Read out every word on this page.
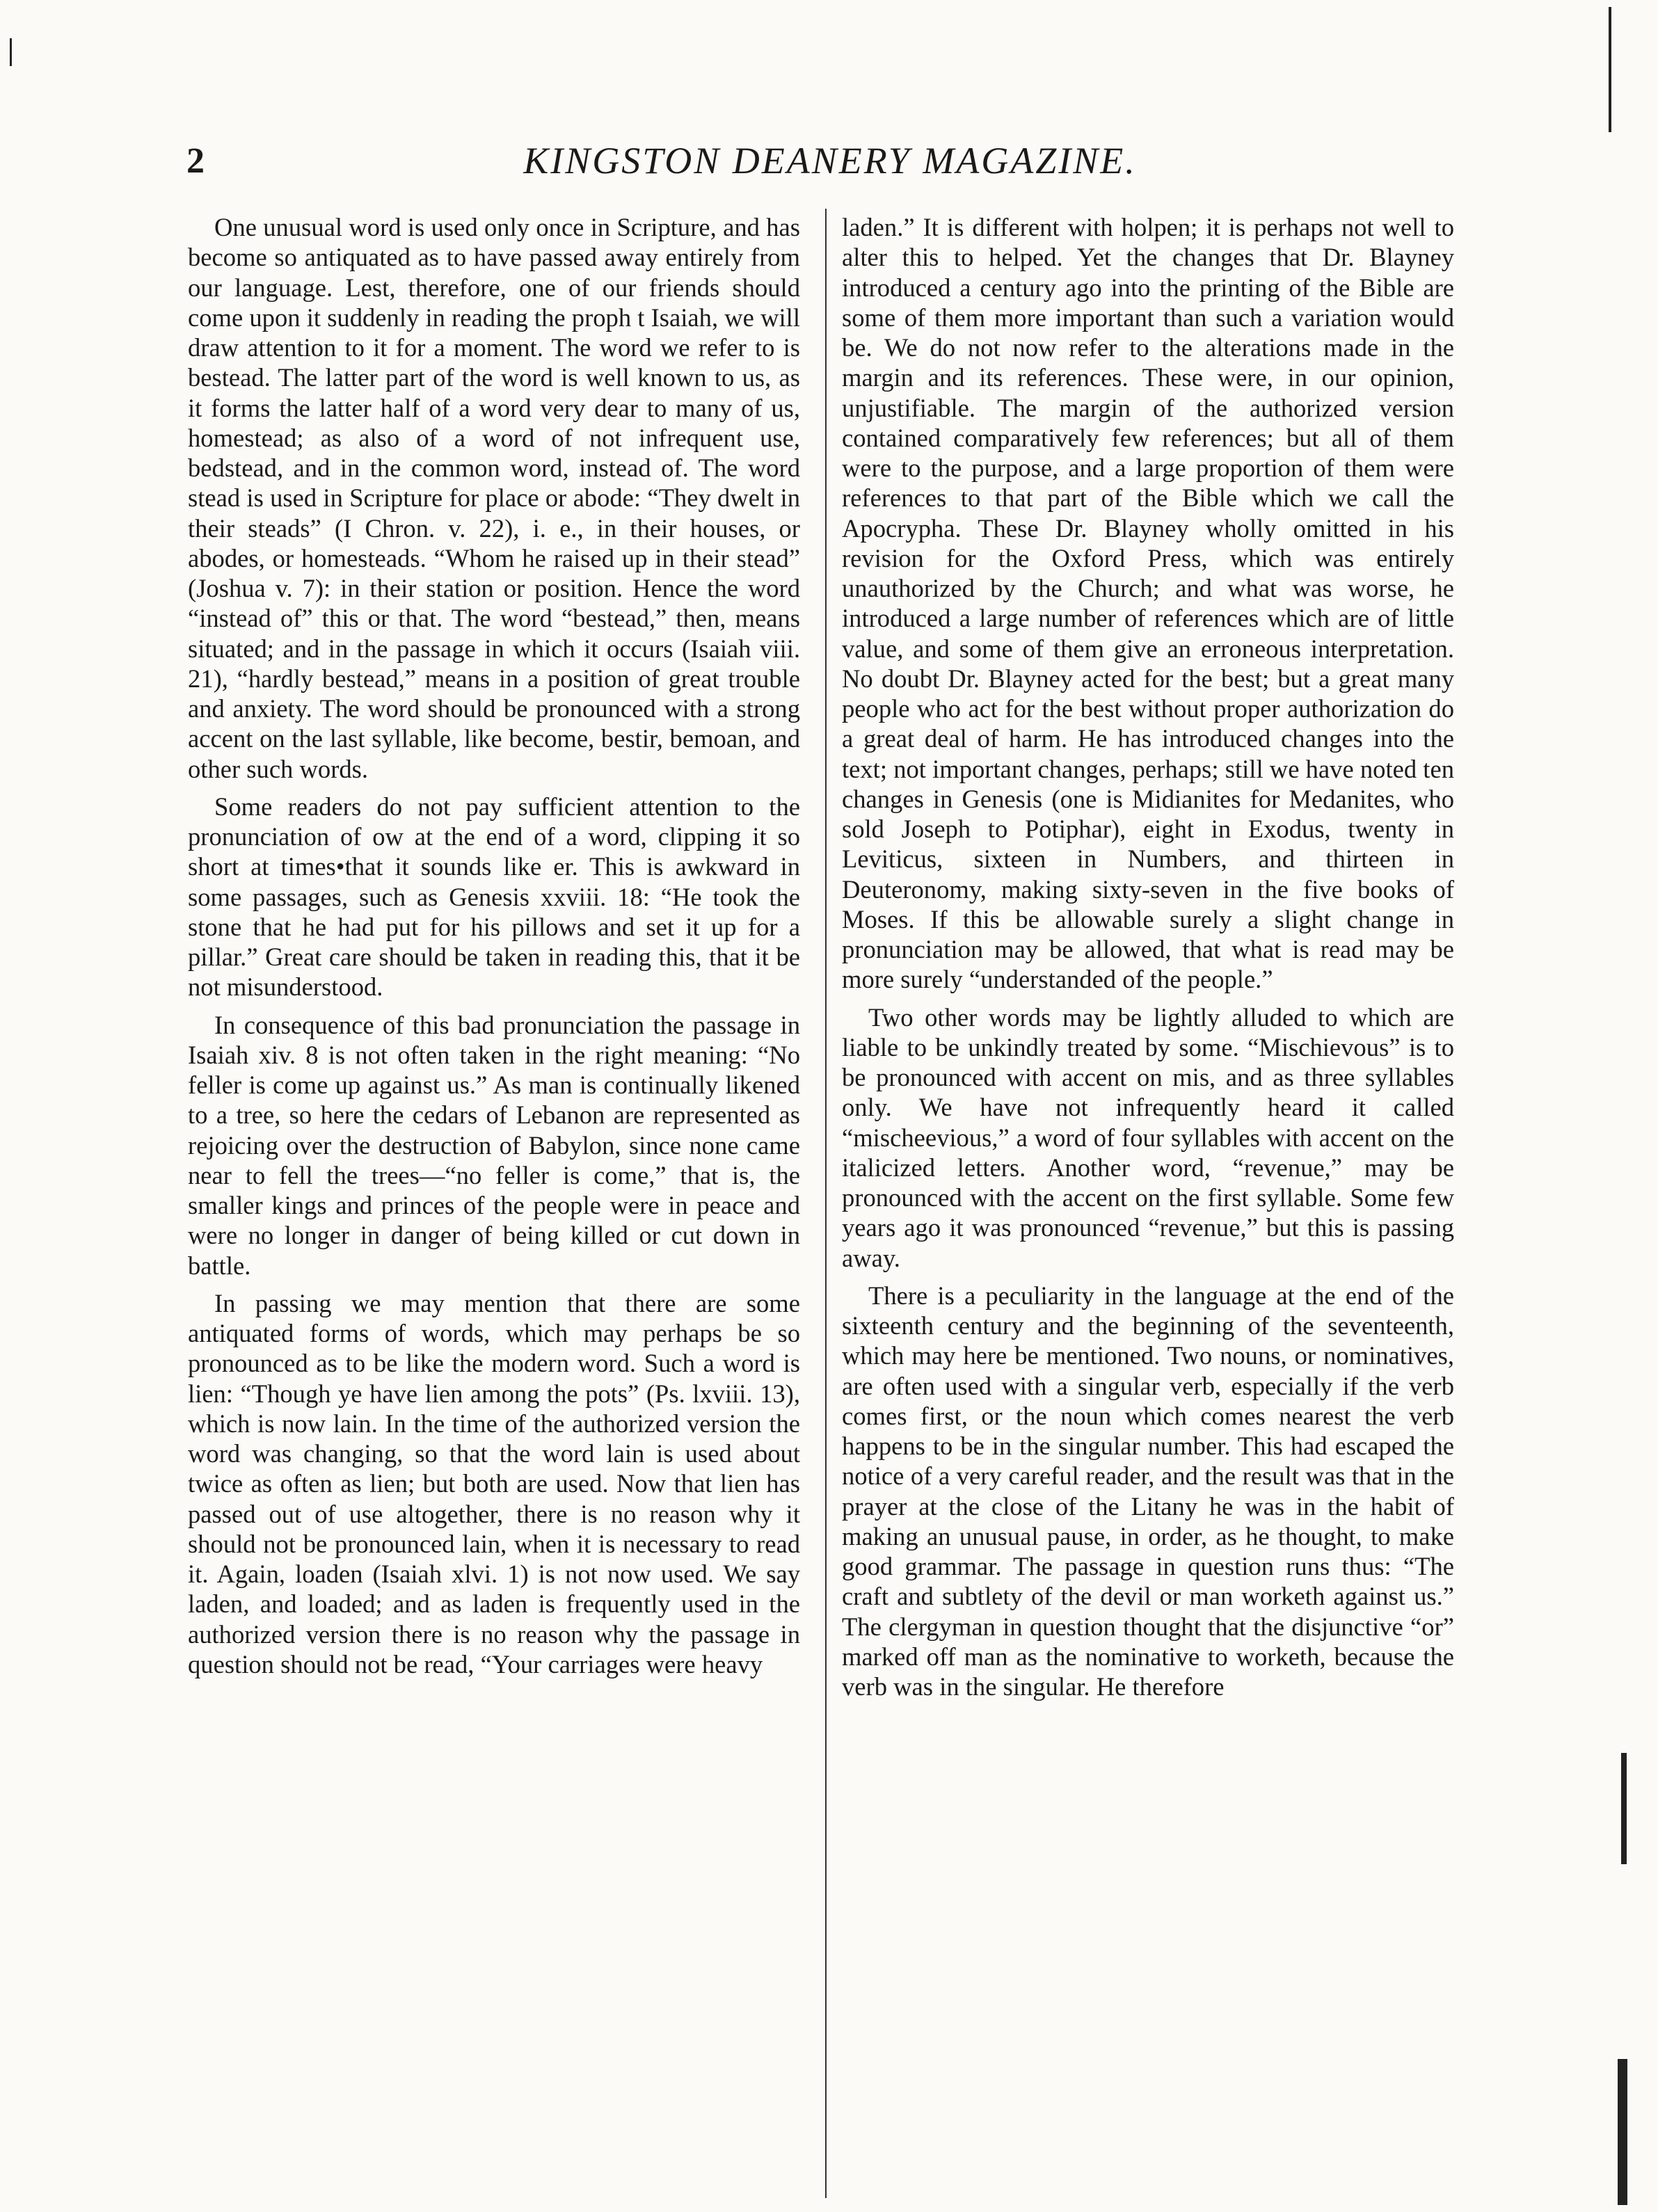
2	KINGSTON DEANERY MAGAZINE.

One unusual word is used only once in Scripture, and has become so antiquated as to have passed away entirely from our language. Lest, therefore, one of our friends should come upon it suddenly in reading the proph t Isaiah, we will draw attention to it for a moment. The word we refer to is bestead. The latter part of the word is well known to us, as it forms the latter half of a word very dear to many of us, homestead; as also of a word of not infrequent use, bedstead, and in the common word, instead of. The word stead is used in Scripture for place or abode: “They dwelt in their steads” (I Chron. v. 22), i. e., in their houses, or abodes, or homesteads. “Whom he raised up in their stead” (Joshua v. 7): in their station or position. Hence the word “instead of” this or that. The word “bestead,” then, means situated; and in the passage in which it occurs (Isaiah viii. 21), “hardly bestead,” means in a position of great trouble and anxiety. The word should be pronounced with a strong accent on the last syllable, like become, bestir, bemoan, and other such words.

Some readers do not pay sufficient attention to the pronunciation of ow at the end of a word, clipping it so short at times•that it sounds like er. This is awkward in some passages, such as Genesis xxviii. 18: “He took the stone that he had put for his pillows and set it up for a pillar.” Great care should be taken in reading this, that it be not misunderstood.

In consequence of this bad pronunciation the passage in Isaiah xiv. 8 is not often taken in the right meaning: “No feller is come up against us.” As man is continually likened to a tree, so here the cedars of Lebanon are represented as rejoicing over the destruction of Babylon, since none came near to fell the trees—“no feller is come,” that is, the smaller kings and princes of the people were in peace and were no longer in danger of being killed or cut down in battle.

In passing we may mention that there are some antiquated forms of words, which may perhaps be so pronounced as to be like the modern word. Such a word is lien: “Though ye have lien among the pots” (Ps. lxviii. 13), which is now lain. In the time of the authorized version the word was changing, so that the word lain is used about twice as often as lien; but both are used. Now that lien has passed out of use altogether, there is no reason why it should not be pronounced lain, when it is necessary to read it. Again, loaden (Isaiah xlvi. 1) is not now used. We say laden, and loaded; and as laden is frequently used in the authorized version there is no reason why the passage in question should not be read, “Your carriages were heavy

laden.” It is different with holpen; it is perhaps not well to alter this to helped. Yet the changes that Dr. Blayney introduced a century ago into the printing of the Bible are some of them more important than such a variation would be. We do not now refer to the alterations made in the margin and its references. These were, in our opinion, unjustifiable. The margin of the authorized version contained comparatively few references; but all of them were to the purpose, and a large proportion of them were references to that part of the Bible which we call the Apocrypha. These Dr. Blayney wholly omitted in his revision for the Oxford Press, which was entirely unauthorized by the Church; and what was worse, he introduced a large number of references which are of little value, and some of them give an erroneous interpretation. No doubt Dr. Blayney acted for the best; but a great many people who act for the best without proper authorization do a great deal of harm. He has introduced changes into the text; not important changes, perhaps; still we have noted ten changes in Genesis (one is Midianites for Medanites, who sold Joseph to Potiphar), eight in Exodus, twenty in Leviticus, sixteen in Numbers, and thirteen in Deuteronomy, making sixty-seven in the five books of Moses. If this be allowable surely a slight change in pronunciation may be allowed, that what is read may be more surely “understanded of the people.”

Two other words may be lightly alluded to which are liable to be unkindly treated by some. “Mischievous” is to be pronounced with accent on mis, and as three syllables only. We have not infrequently heard it called “mischeevious,” a word of four syllables with accent on the italicized letters. Another word, “revenue,” may be pronounced with the accent on the first syllable. Some few years ago it was pronounced “revenue,” but this is passing away.

There is a peculiarity in the language at the end of the sixteenth century and the beginning of the seventeenth, which may here be mentioned. Two nouns, or nominatives, are often used with a singular verb, especially if the verb comes first, or the noun which comes nearest the verb happens to be in the singular number. This had escaped the notice of a very careful reader, and the result was that in the prayer at the close of the Litany he was in the habit of making an unusual pause, in order, as he thought, to make good grammar. The passage in question runs thus: “The craft and subtlety of the devil or man worketh against us.” The clergyman in question thought that the disjunctive “or” marked off man as the nominative to worketh, because the verb was in the singular. He therefore
